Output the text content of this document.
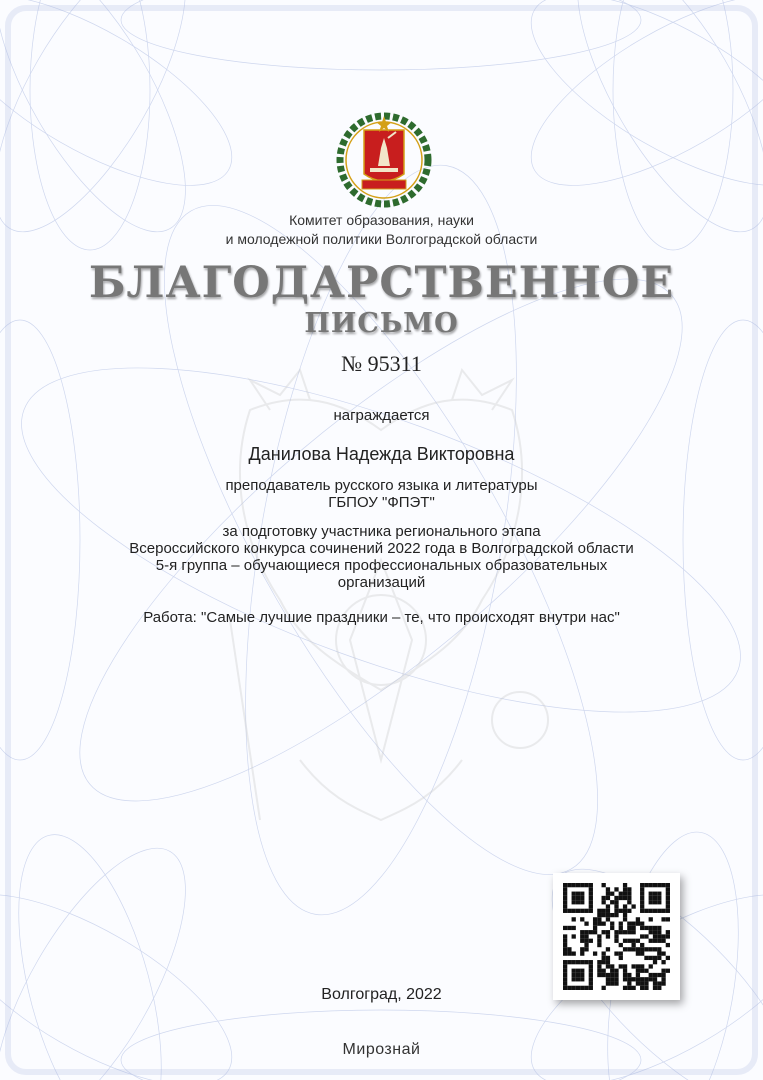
Комитет образования, науки
и молодежной политики Волгоградской области
БЛАГОДАРСТВЕННОЕ
ПИСЬМО
№ 95311
награждается
Данилова Надежда Викторовна
преподаватель русского языка и литературы
ГБПОУ "ФПЭТ"
за подготовку участника регионального этапа
Всероссийского конкурса сочинений 2022 года в Волгоградской области
5-я группа – обучающиеся профессиональных образовательных
организаций
Работа: "Самые лучшие праздники – те, что происходят внутри нас"
Волгоград, 2022
Мирознай
